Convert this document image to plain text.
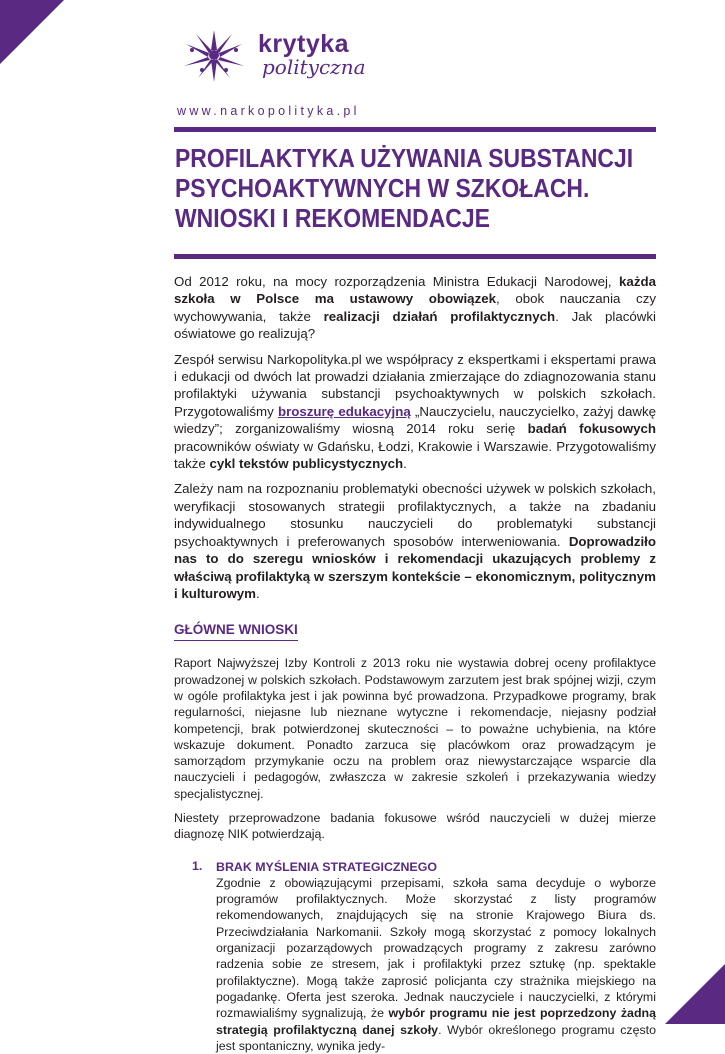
krytyka
polityczna
www.narkopolityka.pl
PROFILAKTYKA UŻYWANIA SUBSTANCJI
PSYCHOAKTYWNYCH W SZKOŁACH.
WNIOSKI I REKOMENDACJE

Od 2012 roku, na mocy rozporządzenia Ministra Edukacji Narodowej, każda szkoła w Polsce ma ustawowy obowiązek, obok nauczania czy wychowywania, także realizacji działań profilaktycznych. Jak placówki oświatowe go realizują?

Zespół serwisu Narkopolityka.pl we współpracy z ekspertkami i ekspertami prawa i edukacji od dwóch lat prowadzi działania zmierzające do zdiagnozowania stanu profilaktyki używania substancji psychoaktywnych w polskich szkołach. Przygotowaliśmy broszurę edukacyjną „Nauczycielu, nauczycielko, zażyj dawkę wiedzy”; zorganizowaliśmy wiosną 2014 roku serię badań fokusowych pracowników oświaty w Gdańsku, Łodzi, Krakowie i Warszawie. Przygotowaliśmy także cykl tekstów publicystycznych.

Zależy nam na rozpoznaniu problematyki obecności używek w polskich szkołach, weryfikacji stosowanych strategii profilaktycznych, a także na zbadaniu indywidualnego stosunku nauczycieli do problematyki substancji psychoaktywnych i preferowanych sposobów interweniowania. Doprowadziło nas to do szeregu wniosków i rekomendacji ukazujących problemy z właściwą profilaktyką w szerszym kontekście – ekonomicznym, politycznym i kulturowym.

GŁÓWNE WNIOSKI

Raport Najwyższej Izby Kontroli z 2013 roku nie wystawia dobrej oceny profilaktyce prowadzonej w polskich szkołach. Podstawowym zarzutem jest brak spójnej wizji, czym w ogóle profilaktyka jest i jak powinna być prowadzona. Przypadkowe programy, brak regularności, niejasne lub nieznane wytyczne i rekomendacje, niejasny podział kompetencji, brak potwierdzonej skuteczności – to poważne uchybienia, na które wskazuje dokument. Ponadto zarzuca się placówkom oraz prowadzącym je samorządom przymykanie oczu na problem oraz niewystarczające wsparcie dla nauczycieli i pedagogów, zwłaszcza w zakresie szkoleń i przekazywania wiedzy specjalistycznej.

Niestety przeprowadzone badania fokusowe wśród nauczycieli w dużej mierze diagnozę NIK potwierdzają.

1. BRAK MYŚLENIA STRATEGICZNEGO

Zgodnie z obowiązującymi przepisami, szkoła sama decyduje o wyborze programów profilaktycznych. Może skorzystać z listy programów rekomendowanych, znajdujących się na stronie Krajowego Biura ds. Przeciwdziałania Narkomanii. Szkoły mogą skorzystać z pomocy lokalnych organizacji pozarządowych prowadzących programy z zakresu zarówno radzenia sobie ze stresem, jak i profilaktyki przez sztukę (np. spektakle profilaktyczne). Mogą także zaprosić policjanta czy strażnika miejskiego na pogadankę. Oferta jest szeroka. Jednak nauczyciele i nauczycielki, z którymi rozmawialiśmy sygnalizują, że wybór programu nie jest poprzedzony żadną strategią profilaktyczną danej szkoły. Wybór określonego programu często jest spontaniczny, wynika jedy-
